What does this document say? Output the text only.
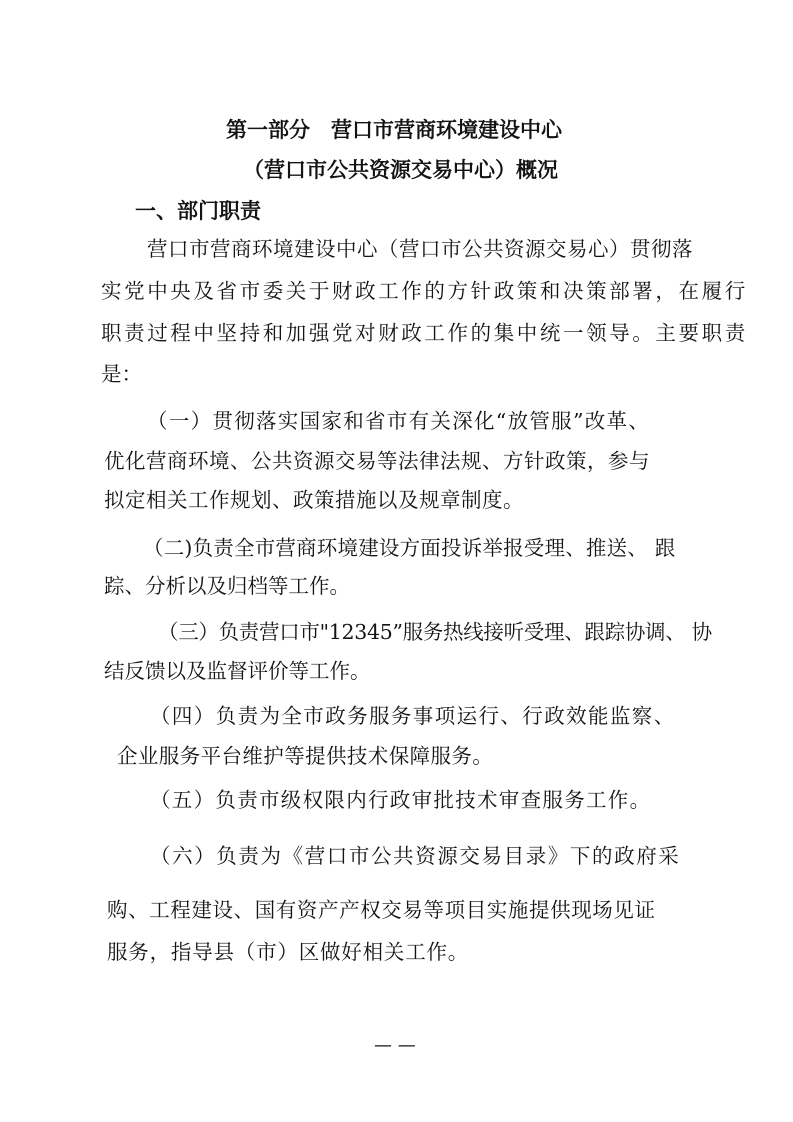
第一部分　营口市营商环境建设中心
（营口市公共资源交易中心）概况
一、部门职责
营口市营商环境建设中心（营口市公共资源交易心）贯彻落
实党中央及省市委关于财政工作的方针政策和决策部署，在履行
职责过程中坚持和加强党对财政工作的集中统一领导。主要职责
是：
（一）贯彻落实国家和省市有关深化“放管服”改革、
优化营商环境、公共资源交易等法律法规、方针政策，参与
拟定相关工作规划、政策措施以及规章制度。
（二)负责全市营商环境建设方面投诉举报受理、推送、 跟
踪、分析以及归档等工作。
（三）负责营口市"12345”服务热线接听受理、跟踪协调、 协
结反馈以及监督评价等工作。
（四）负责为全市政务服务事项运行、行政效能监察、
企业服务平台维护等提供技术保障服务。
（五）负责市级权限内行政审批技术审查服务工作。
（六）负责为《营口市公共资源交易目录》下的政府采
购、工程建设、国有资产产权交易等项目实施提供现场见证
服务，指导县（市）区做好相关工作。
— —
